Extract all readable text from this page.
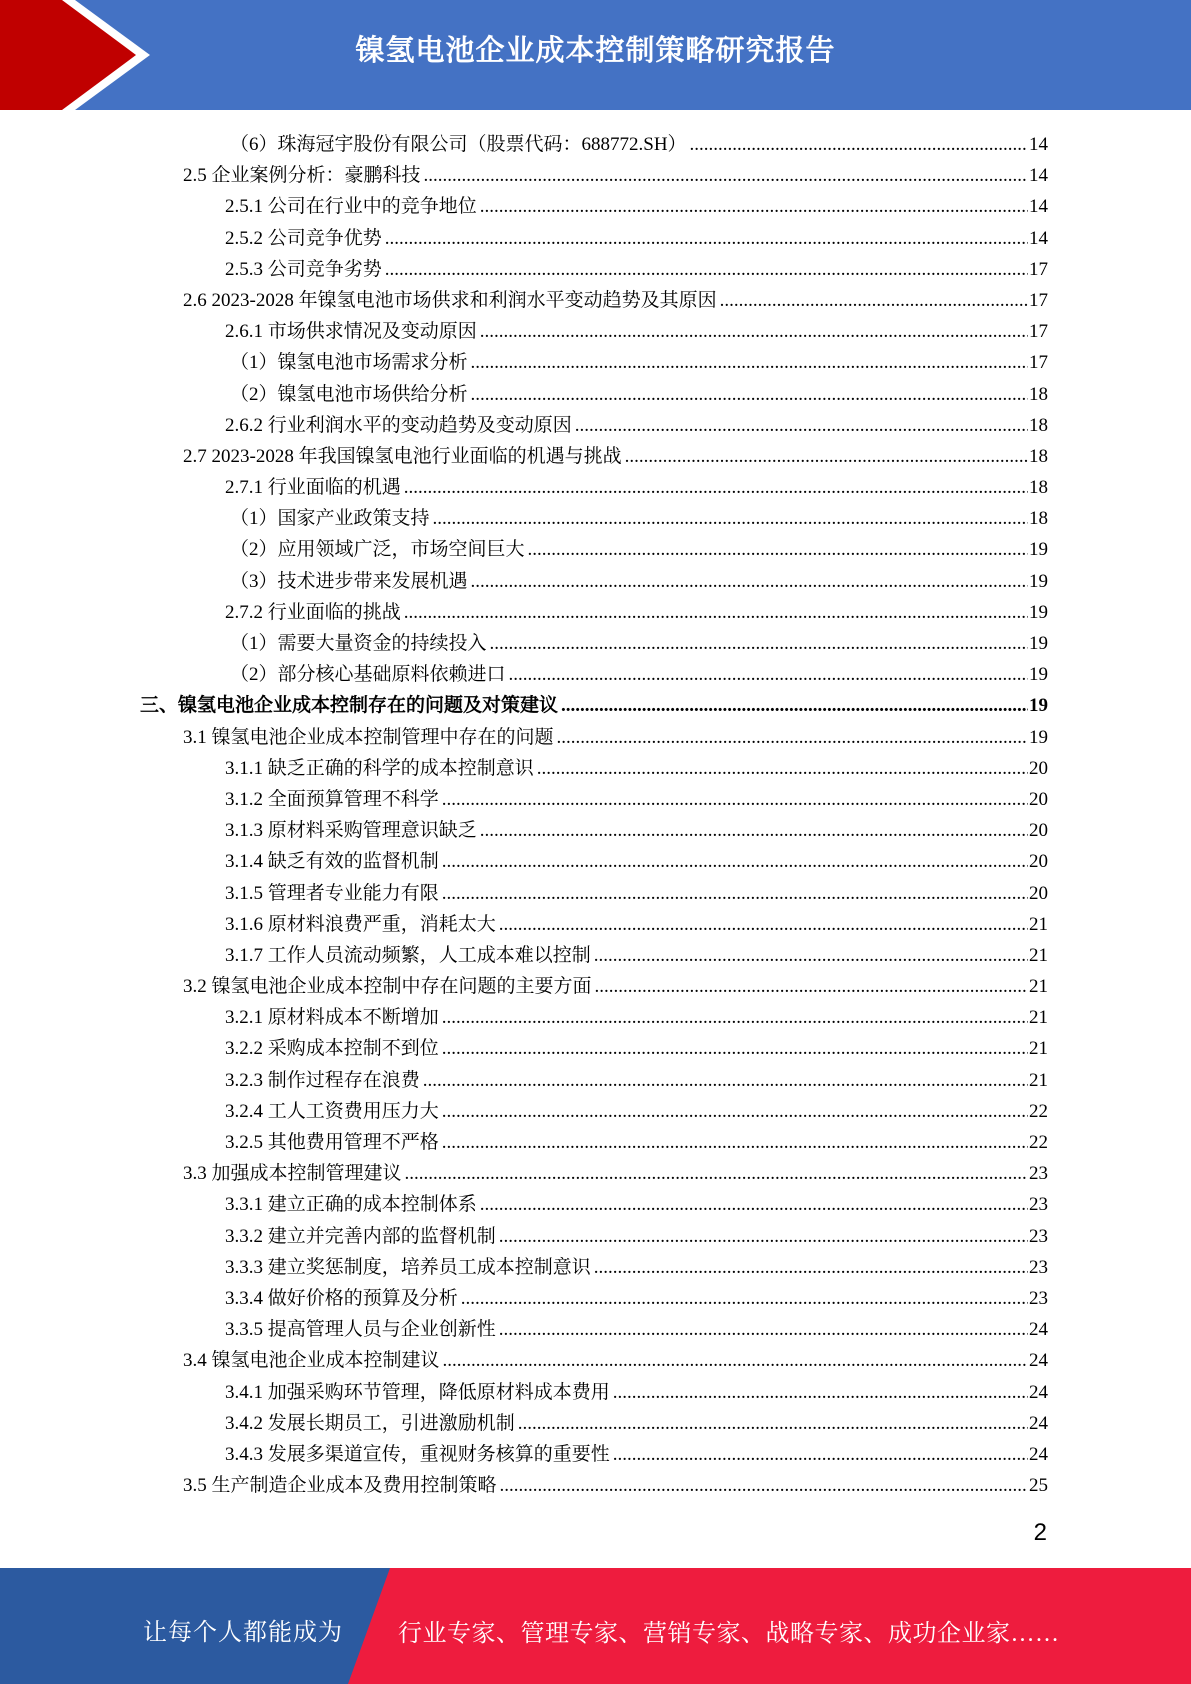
镍氢电池企业成本控制策略研究报告
（6）珠海冠宇股份有限公司（股票代码：688772.SH） .....	14
2.5 企业案例分析：豪鹏科技 .....	14
2.5.1 公司在行业中的竞争地位 .....	14
2.5.2 公司竞争优势 .....	14
2.5.3 公司竞争劣势 .....	17
2.6 2023-2028 年镍氢电池市场供求和利润水平变动趋势及其原因 .....	17
2.6.1 市场供求情况及变动原因 .....	17
（1）镍氢电池市场需求分析 .....	17
（2）镍氢电池市场供给分析 .....	18
2.6.2 行业利润水平的变动趋势及变动原因 .....	18
2.7 2023-2028 年我国镍氢电池行业面临的机遇与挑战 .....	18
2.7.1 行业面临的机遇 .....	18
（1）国家产业政策支持 .....	18
（2）应用领域广泛，市场空间巨大 .....	19
（3）技术进步带来发展机遇 .....	19
2.7.2 行业面临的挑战 .....	19
（1）需要大量资金的持续投入 .....	19
（2）部分核心基础原料依赖进口 .....	19
三、镍氢电池企业成本控制存在的问题及对策建议 .....	19
3.1 镍氢电池企业成本控制管理中存在的问题 .....	19
3.1.1 缺乏正确的科学的成本控制意识 .....	20
3.1.2 全面预算管理不科学 .....	20
3.1.3 原材料采购管理意识缺乏 .....	20
3.1.4 缺乏有效的监督机制 .....	20
3.1.5 管理者专业能力有限 .....	20
3.1.6 原材料浪费严重，消耗太大 .....	21
3.1.7 工作人员流动频繁，人工成本难以控制 .....	21
3.2 镍氢电池企业成本控制中存在问题的主要方面 .....	21
3.2.1 原材料成本不断增加 .....	21
3.2.2 采购成本控制不到位 .....	21
3.2.3 制作过程存在浪费 .....	21
3.2.4 工人工资费用压力大 .....	22
3.2.5 其他费用管理不严格 .....	22
3.3 加强成本控制管理建议 .....	23
3.3.1 建立正确的成本控制体系 .....	23
3.3.2 建立并完善内部的监督机制 .....	23
3.3.3 建立奖惩制度，培养员工成本控制意识 .....	23
3.3.4 做好价格的预算及分析 .....	23
3.3.5 提高管理人员与企业创新性 .....	24
3.4 镍氢电池企业成本控制建议 .....	24
3.4.1 加强采购环节管理，降低原材料成本费用 .....	24
3.4.2 发展长期员工，引进激励机制 .....	24
3.4.3 发展多渠道宣传，重视财务核算的重要性 .....	24
3.5 生产制造企业成本及费用控制策略 .....	25
2
让每个人都能成为 行业专家、管理专家、营销专家、战略专家、成功企业家……
